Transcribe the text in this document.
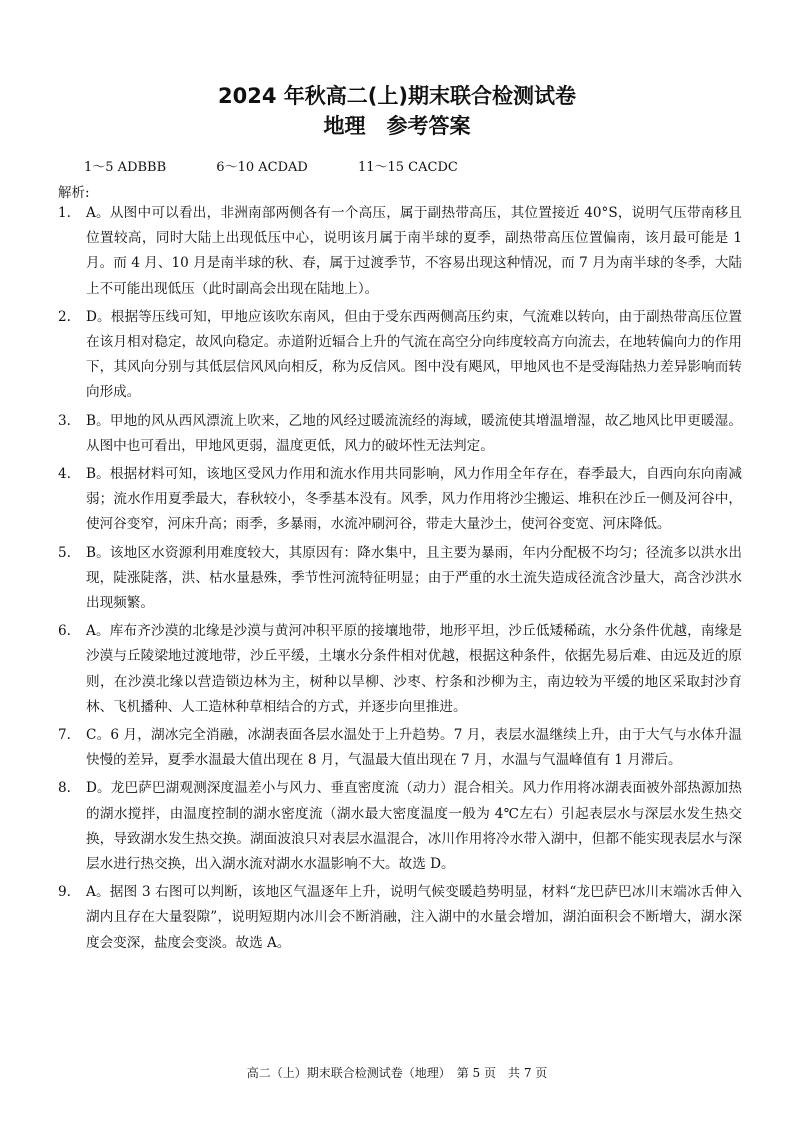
2024 年秋高二(上)期末联合检测试卷
地理　参考答案
1～5 ADBBB	6～10 ACDAD	11～15 CACDC
解析:
1.	A。从图中可以看出，非洲南部两侧各有一个高压，属于副热带高压，其位置接近 40°S，说明气压带南移且位置较高，同时大陆上出现低压中心，说明该月属于南半球的夏季，副热带高压位置偏南，该月最可能是 1 月。而 4 月、10 月是南半球的秋、春，属于过渡季节，不容易出现这种情况，而 7 月为南半球的冬季，大陆上不可能出现低压（此时副高会出现在陆地上）。
2.	D。根据等压线可知，甲地应该吹东南风，但由于受东西两侧高压约束，气流难以转向，由于副热带高压位置在该月相对稳定，故风向稳定。赤道附近辐合上升的气流在高空分向纬度较高方向流去，在地转偏向力的作用下，其风向分别与其低层信风风向相反，称为反信风。图中没有飓风，甲地风也不是受海陆热力差异影响而转向形成。
3.	B。甲地的风从西风漂流上吹来，乙地的风经过暖流流经的海域，暖流使其增温增湿，故乙地风比甲更暖湿。从图中也可看出，甲地风更弱，温度更低，风力的破坏性无法判定。
4.	B。根据材料可知，该地区受风力作用和流水作用共同影响，风力作用全年存在，春季最大，自西向东向南减弱；流水作用夏季最大，春秋较小，冬季基本没有。风季，风力作用将沙尘搬运、堆积在沙丘一侧及河谷中，使河谷变窄，河床升高；雨季，多暴雨，水流冲刷河谷，带走大量沙土，使河谷变宽、河床降低。
5.	B。该地区水资源利用难度较大，其原因有：降水集中，且主要为暴雨，年内分配极不均匀；径流多以洪水出现，陡涨陡落，洪、枯水量悬殊，季节性河流特征明显；由于严重的水土流失造成径流含沙量大，高含沙洪水出现频繁。
6.	A。库布齐沙漠的北缘是沙漠与黄河冲积平原的接壤地带，地形平坦，沙丘低矮稀疏，水分条件优越，南缘是沙漠与丘陵梁地过渡地带，沙丘平缓，土壤水分条件相对优越，根据这种条件，依据先易后难、由远及近的原则，在沙漠北缘以营造锁边林为主，树种以旱柳、沙枣、柠条和沙柳为主，南边较为平缓的地区采取封沙育林、飞机播种、人工造林种草相结合的方式，并逐步向里推进。
7.	C。6 月，湖冰完全消融，冰湖表面各层水温处于上升趋势。7 月，表层水温继续上升，由于大气与水体升温快慢的差异，夏季水温最大值出现在 8 月，气温最大值出现在 7 月，水温与气温峰值有 1 月滞后。
8.	D。龙巴萨巴湖观测深度温差小与风力、垂直密度流（动力）混合相关。风力作用将冰湖表面被外部热源加热的湖水搅拌，由温度控制的湖水密度流（湖水最大密度温度一般为 4℃左右）引起表层水与深层水发生热交换，导致湖水发生热交换。湖面波浪只对表层水温混合，冰川作用将冷水带入湖中，但都不能实现表层水与深层水进行热交换，出入湖水流对湖水水温影响不大。故选 D。
9.	A。据图 3 右图可以判断，该地区气温逐年上升，说明气候变暖趋势明显，材料“龙巴萨巴冰川末端冰舌伸入湖内且存在大量裂隙”，说明短期内冰川会不断消融，注入湖中的水量会增加，湖泊面积会不断增大，湖水深度会变深，盐度会变淡。故选 A。
高二（上）期末联合检测试卷（地理）　第 5 页　共 7 页
